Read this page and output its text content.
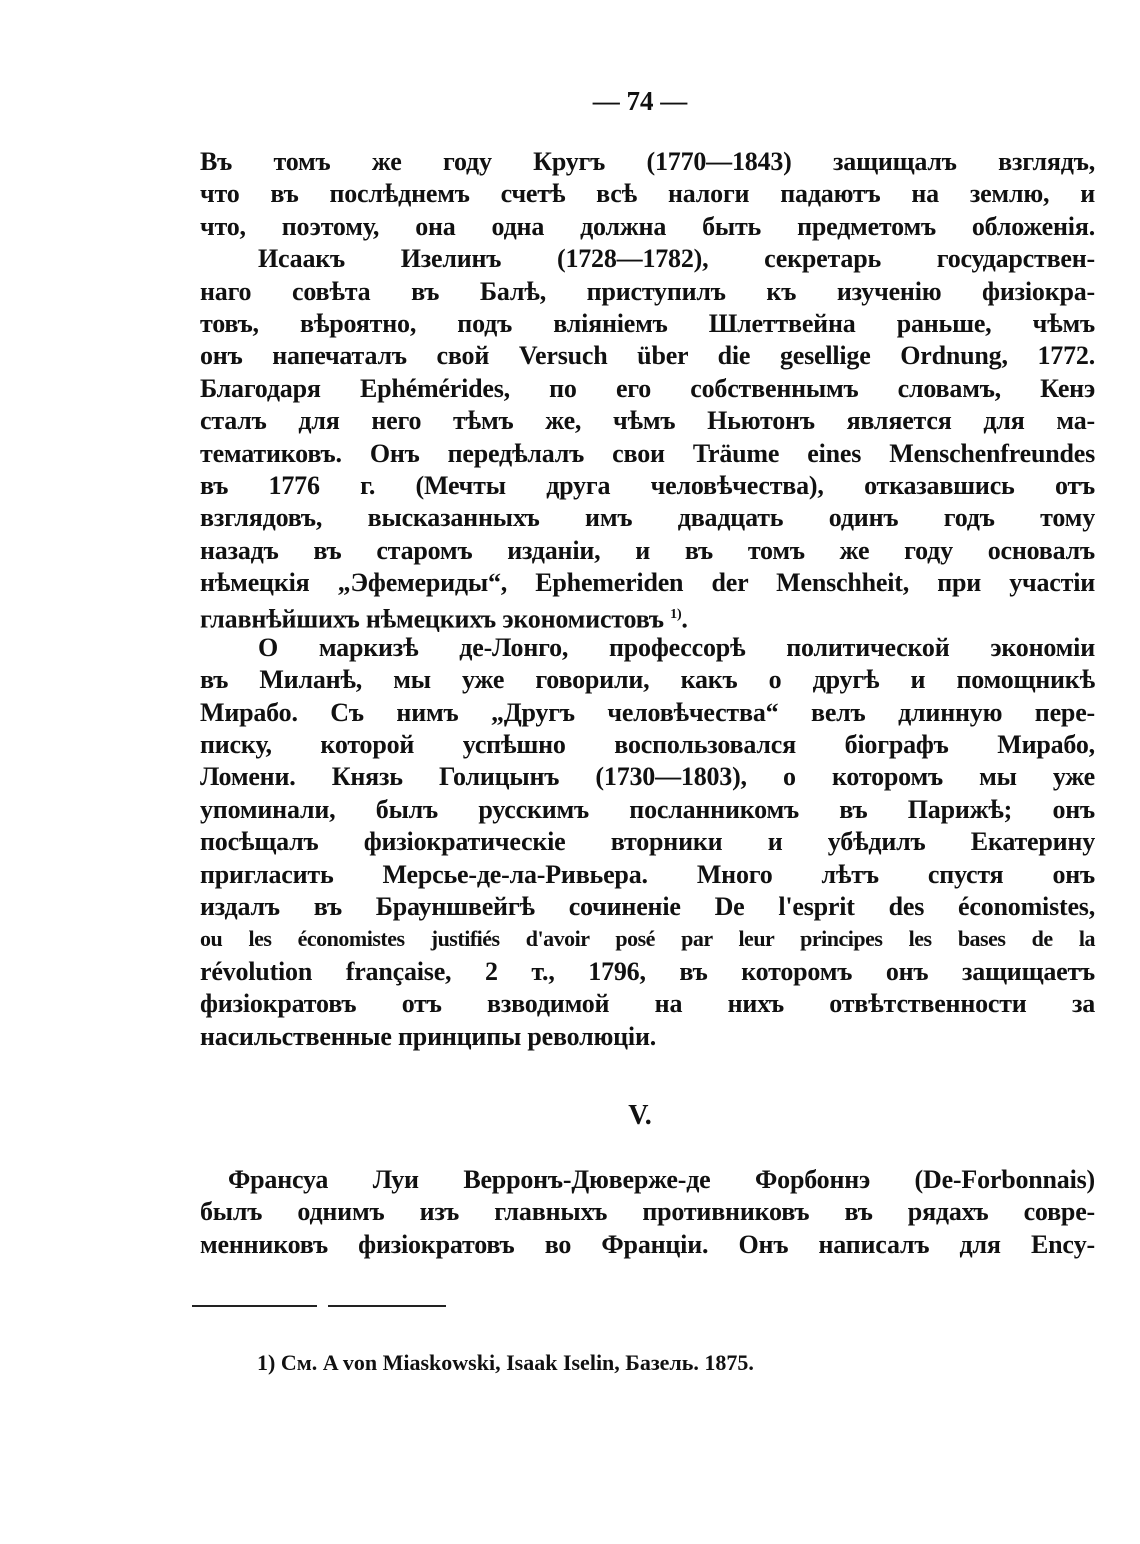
— 74 —
Въ томъ же году Кругъ (1770—1843) защищалъ взглядъ,
что въ послѣднемъ счетѣ всѣ налоги падаютъ на землю, и
что, поэтому, она одна должна быть предметомъ обложенія.
Исаакъ Изелинъ (1728—1782), секретарь государствен-
наго совѣта въ Балѣ, приступилъ къ изученію физiокра-
товъ, вѣроятно, подъ вліяніемъ Шлеттвейна раньше, чѣмъ
онъ напечаталъ свой Versuch über die gesellige Ordnung, 1772.
Благодаря Ephémérides, по его собственнымъ словамъ, Кенэ
сталъ для него тѣмъ же, чѣмъ Ньютонъ является для ма-
тематиковъ. Онъ передѣлалъ свои Träume eines Menschenfreundes
въ 1776 г. (Мечты друга человѣчества), отказавшись отъ
взглядовъ, высказанныхъ имъ двадцать одинъ годъ тому
назадъ въ старомъ изданіи, и въ томъ же году основалъ
нѣмецкія „Эфемериды“, Ephemeriden der Menschheit, при участіи
главнѣйшихъ нѣмецкихъ экономистовъ $^{1)}$.
О маркизѣ де-Лонго, профессорѣ политической экономіи
въ Миланѣ, мы уже говорили, какъ о другѣ и помощникѣ
Мирабо. Съ нимъ „Другъ человѣчества“ велъ длинную пере-
писку, которой успѣшно воспользовался біографъ Мирабо,
Ломени. Князь Голицынъ (1730—1803), о которомъ мы уже
упоминали, былъ русскимъ посланникомъ въ Парижѣ; онъ
посѣщалъ физiократическіе вторники и убѣдилъ Екатерину
пригласить Мерсье-де-ла-Ривьера. Много лѣтъ спустя онъ
издалъ въ Брауншвейгѣ сочиненіе De l'esprit des économistes,
ou les économistes justifiés d'avoir posé par leur principes les bases de la
révolution française, 2 т., 1796, въ которомъ онъ защищаетъ
физiократовъ отъ взводимой на нихъ отвѣтственности за
насильственные принципы революціи.
V.
Франсуа Луи Верронъ-Дюверже-де Форбоннэ (De-Forbonnais)
былъ однимъ изъ главныхъ противниковъ въ рядахъ совре-
менниковъ физiократовъ во Франціи. Онъ написалъ для Ency-
1) См. A von Miaskowski, Isaak Iselin, Базель. 1875.
